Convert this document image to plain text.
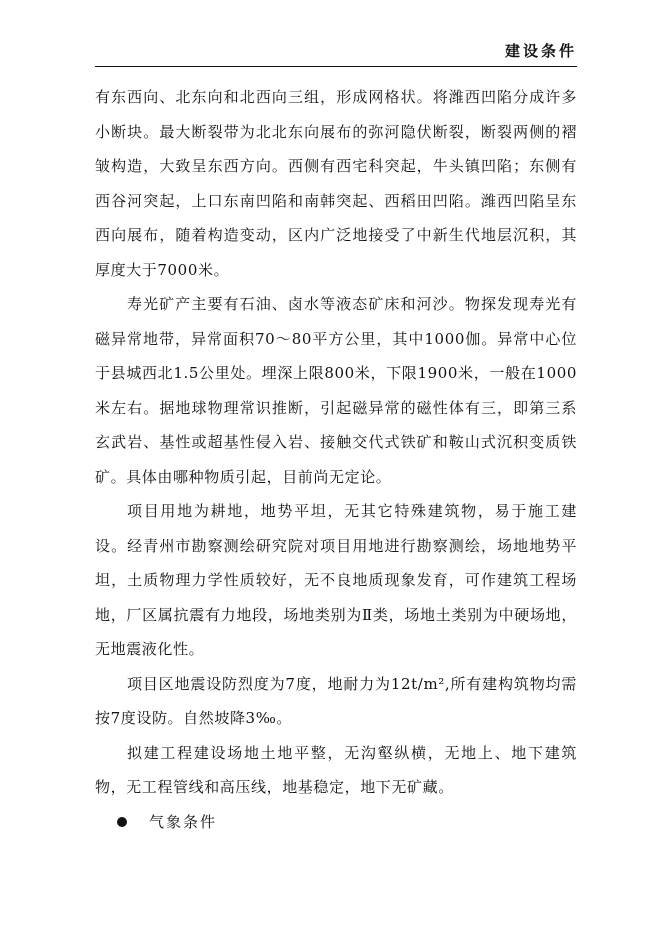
建设条件

有东西向、北东向和北西向三组，形成网格状。将潍西凹陷分成许多小断块。最大断裂带为北北东向展布的弥河隐伏断裂，断裂两侧的褶皱构造，大致呈东西方向。西侧有西宅科突起，牛头镇凹陷；东侧有西谷河突起，上口东南凹陷和南韩突起、西稻田凹陷。潍西凹陷呈东西向展布，随着构造变动，区内广泛地接受了中新生代地层沉积，其厚度大于7000米。

寿光矿产主要有石油、卤水等液态矿床和河沙。物探发现寿光有磁异常地带，异常面积70～80平方公里，其中1000伽。异常中心位于县城西北1.5公里处。埋深上限800米，下限1900米，一般在1000米左右。据地球物理常识推断，引起磁异常的磁性体有三，即第三系玄武岩、基性或超基性侵入岩、接触交代式铁矿和鞍山式沉积变质铁矿。具体由哪种物质引起，目前尚无定论。

项目用地为耕地，地势平坦，无其它特殊建筑物，易于施工建设。经青州市勘察测绘研究院对项目用地进行勘察测绘，场地地势平坦，土质物理力学性质较好，无不良地质现象发育，可作建筑工程场地，厂区属抗震有力地段，场地类别为Ⅱ类，场地土类别为中硬场地，无地震液化性。

项目区地震设防烈度为7度，地耐力为12t/m²,所有建构筑物均需按7度设防。自然坡降3‰。

拟建工程建设场地土地平整，无沟壑纵横，无地上、地下建筑物，无工程管线和高压线，地基稳定，地下无矿藏。

气象条件
